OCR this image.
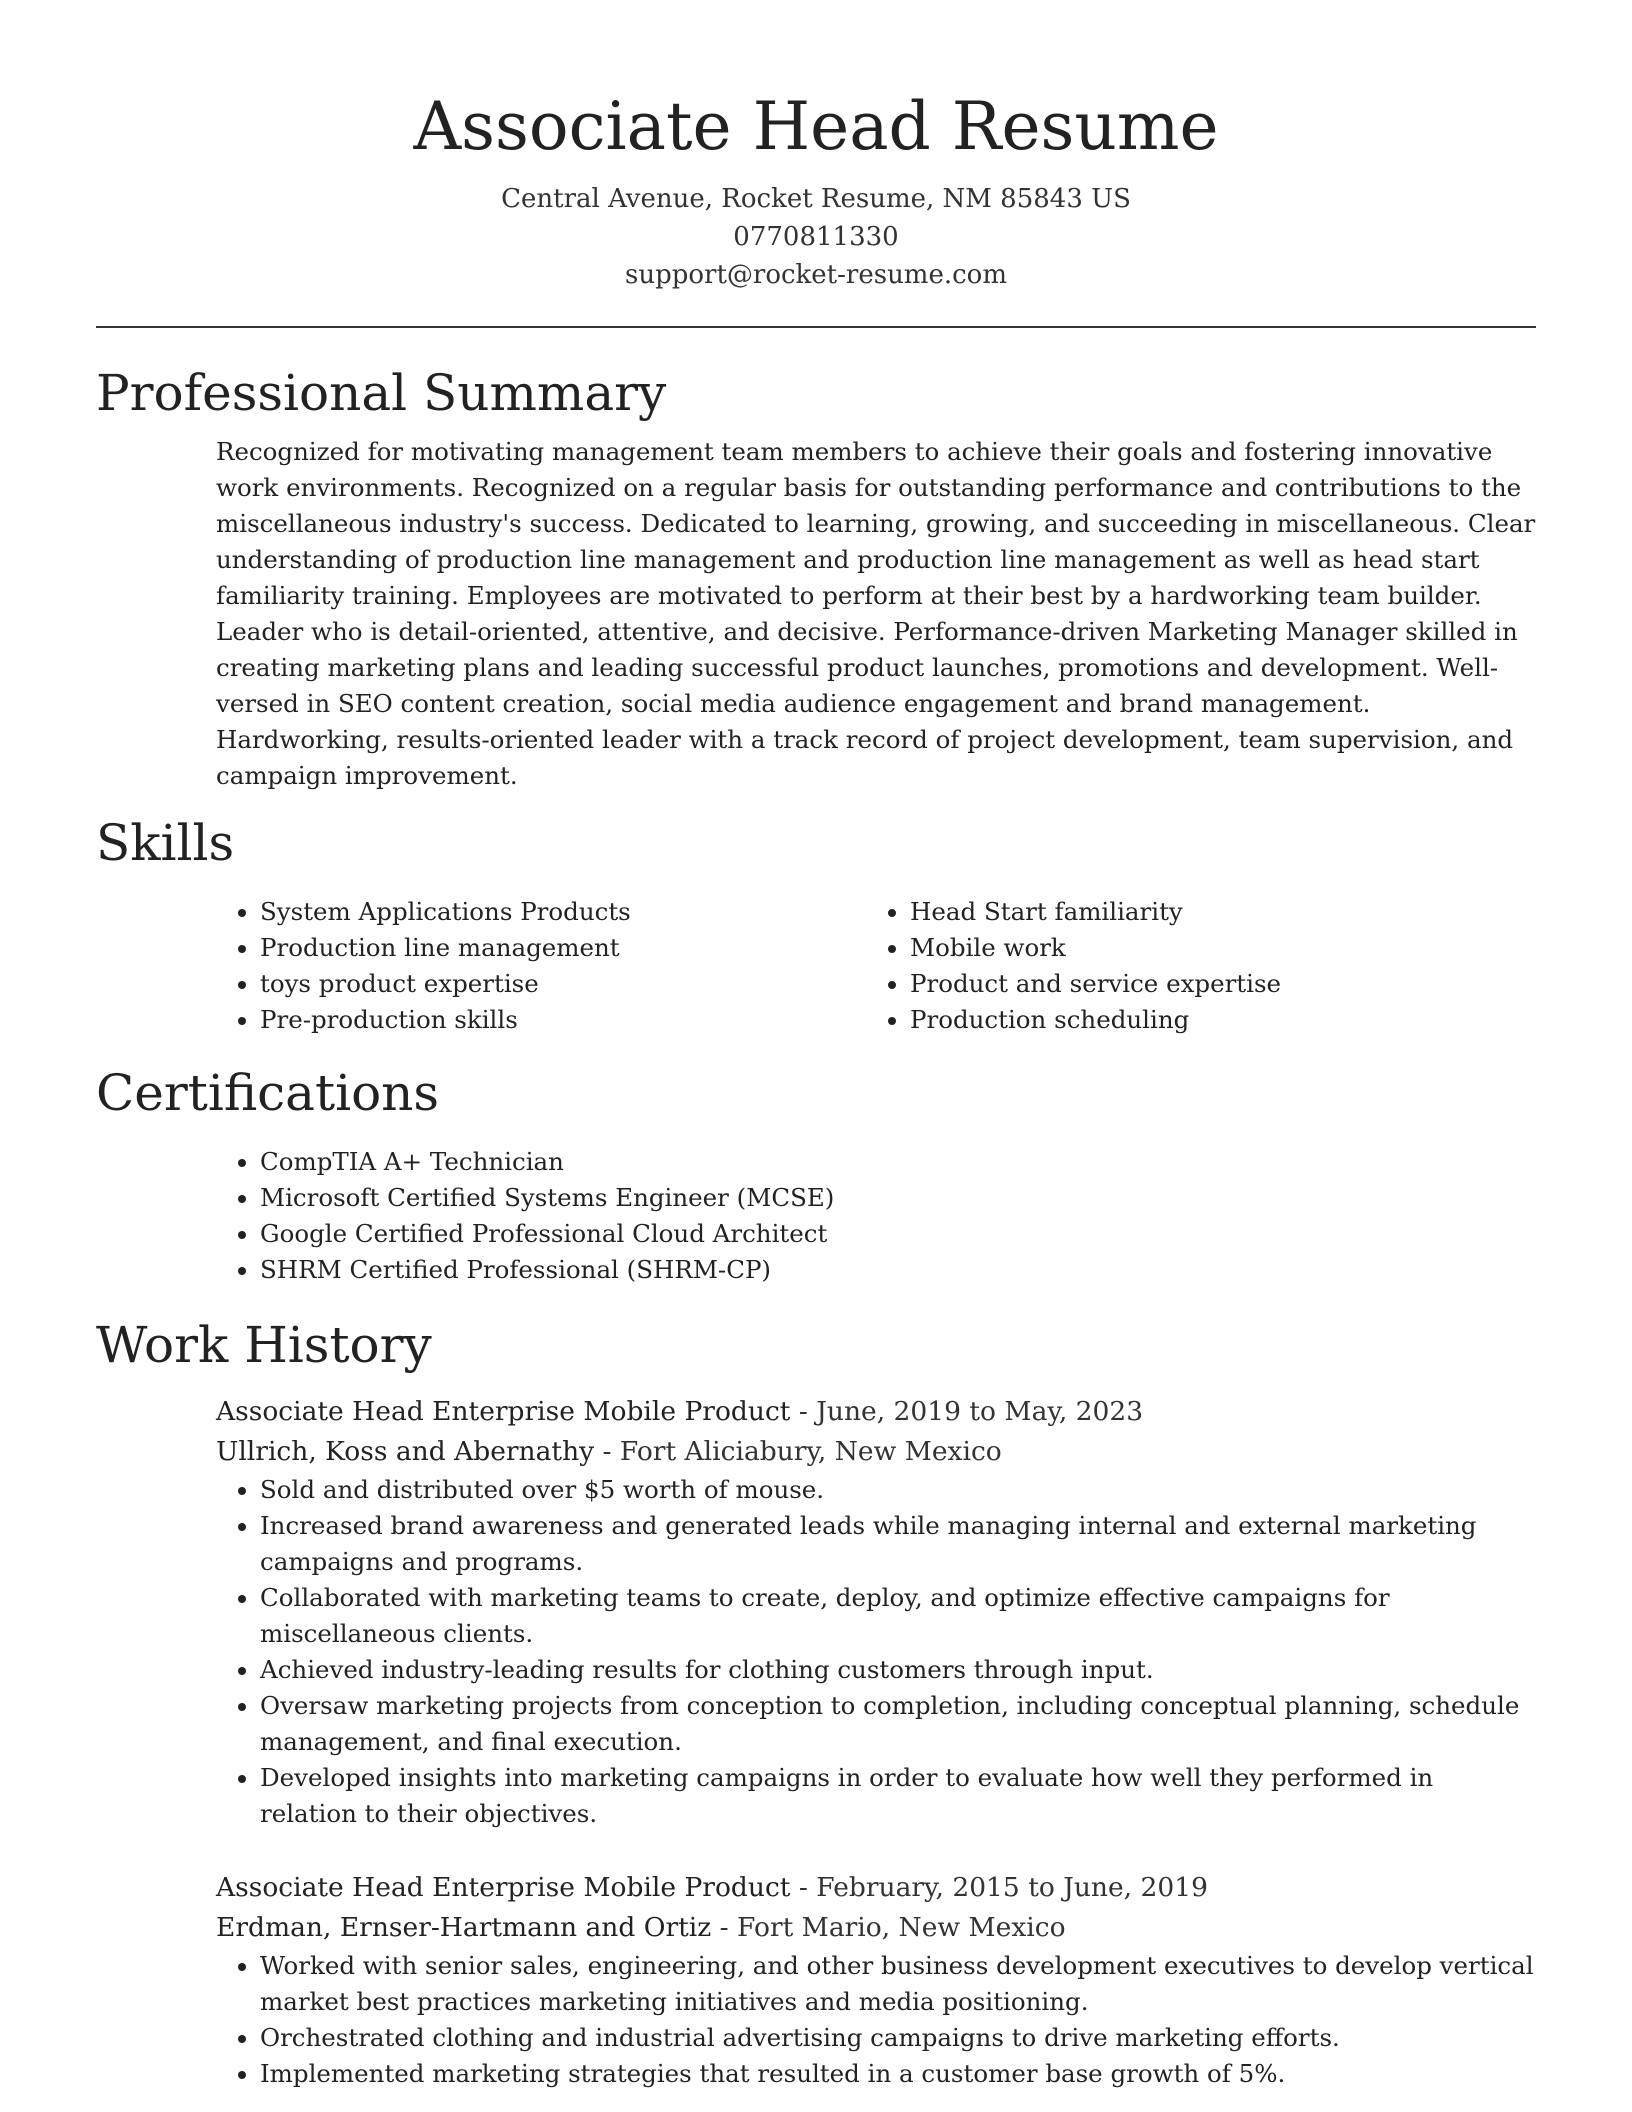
Associate Head Resume
Central Avenue, Rocket Resume, NM 85843 US
0770811330
support@rocket-resume.com
Professional Summary

Recognized for motivating management team members to achieve their goals and fostering innovative work environments. Recognized on a regular basis for outstanding performance and contributions to the miscellaneous industry's success. Dedicated to learning, growing, and succeeding in miscellaneous. Clear understanding of production line management and production line management as well as head start familiarity training. Employees are motivated to perform at their best by a hardworking team builder. Leader who is detail-oriented, attentive, and decisive. Performance-driven Marketing Manager skilled in creating marketing plans and leading successful product launches, promotions and development. Well-versed in SEO content creation, social media audience engagement and brand management. Hardworking, results-oriented leader with a track record of project development, team supervision, and campaign improvement.

Skills
• System Applications Products
• Production line management
• toys product expertise
• Pre-production skills
• Head Start familiarity
• Mobile work
• Product and service expertise
• Production scheduling
Certifications
• CompTIA A+ Technician
• Microsoft Certified Systems Engineer (MCSE)
• Google Certified Professional Cloud Architect
• SHRM Certified Professional (SHRM-CP)
Work History
Associate Head Enterprise Mobile Product - June, 2019 to May, 2023
Ullrich, Koss and Abernathy - Fort Aliciabury, New Mexico
• Sold and distributed over $5 worth of mouse.
• Increased brand awareness and generated leads while managing internal and external marketing campaigns and programs.
• Collaborated with marketing teams to create, deploy, and optimize effective campaigns for miscellaneous clients.
• Achieved industry-leading results for clothing customers through input.
• Oversaw marketing projects from conception to completion, including conceptual planning, schedule management, and final execution.
• Developed insights into marketing campaigns in order to evaluate how well they performed in relation to their objectives.
Associate Head Enterprise Mobile Product - February, 2015 to June, 2019
Erdman, Ernser-Hartmann and Ortiz - Fort Mario, New Mexico
• Worked with senior sales, engineering, and other business development executives to develop vertical market best practices marketing initiatives and media positioning.
• Orchestrated clothing and industrial advertising campaigns to drive marketing efforts.
• Implemented marketing strategies that resulted in a customer base growth of 5%.
